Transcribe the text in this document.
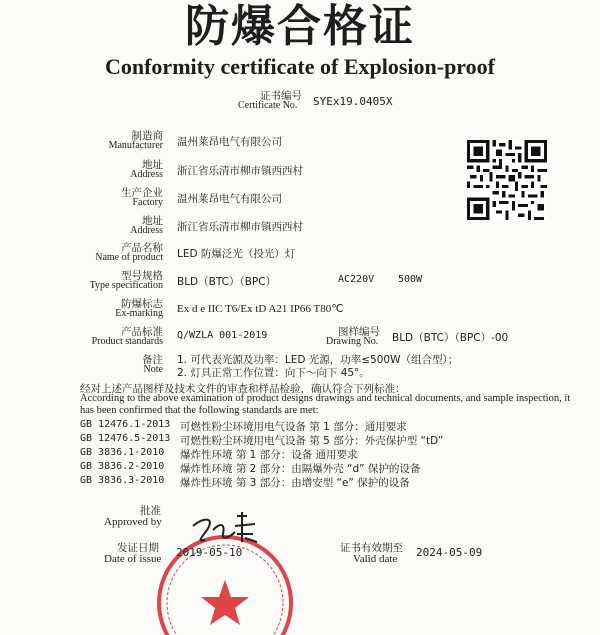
防爆合格证
Conformity certificate of Explosion-proof
证书编号
Certificate No. SYEx19.0405X
制造商
Manufacturer 温州莱昂电气有限公司
地址
Address 浙江省乐清市柳市镇西西村
生产企业
Factory 温州莱昂电气有限公司
地址
Address 浙江省乐清市柳市镇西西村
产品名称
Name of product LED 防爆泛光（投光）灯
型号规格
Type specification BLD（BTC）（BPC）	AC220V 500W
防爆标志
Ex-marking Ex d e IIC T6/Ex tD A21 IP66 T80℃
产品标准
Product standards
Q/WZLA 001-2019	图样编号
Drawing No. BLD（BTC）（BPC）-00
备注
Note
1. 可代表光源及功率：LED 光源，功率≤500W（组合型）；
2. 灯具正常工作位置：向下～向下 45°。
经对上述产品图样及技术文件的审查和样品检验，确认符合下列标准：
According to the above examination of product designs drawings and technical documents, and sample inspection, it has been confirmed that the following standards are met:
GB 12476.1-2013 可燃性粉尘环境用电气设备 第 1 部分：通用要求
GB 12476.5-2013 可燃性粉尘环境用电气设备 第 5 部分：外壳保护型 “tD”
GB 3836.1-2010 爆炸性环境 第 1 部分：设备 通用要求
GB 3836.2-2010 爆炸性环境 第 2 部分：由隔爆外壳 “d” 保护的设备
GB 3836.3-2010 爆炸性环境 第 3 部分：由增安型 “e” 保护的设备
批准
Approved by
发证日期
Date of issue 2019-05-10	证书有效期至
Valid date 2024-05-09
